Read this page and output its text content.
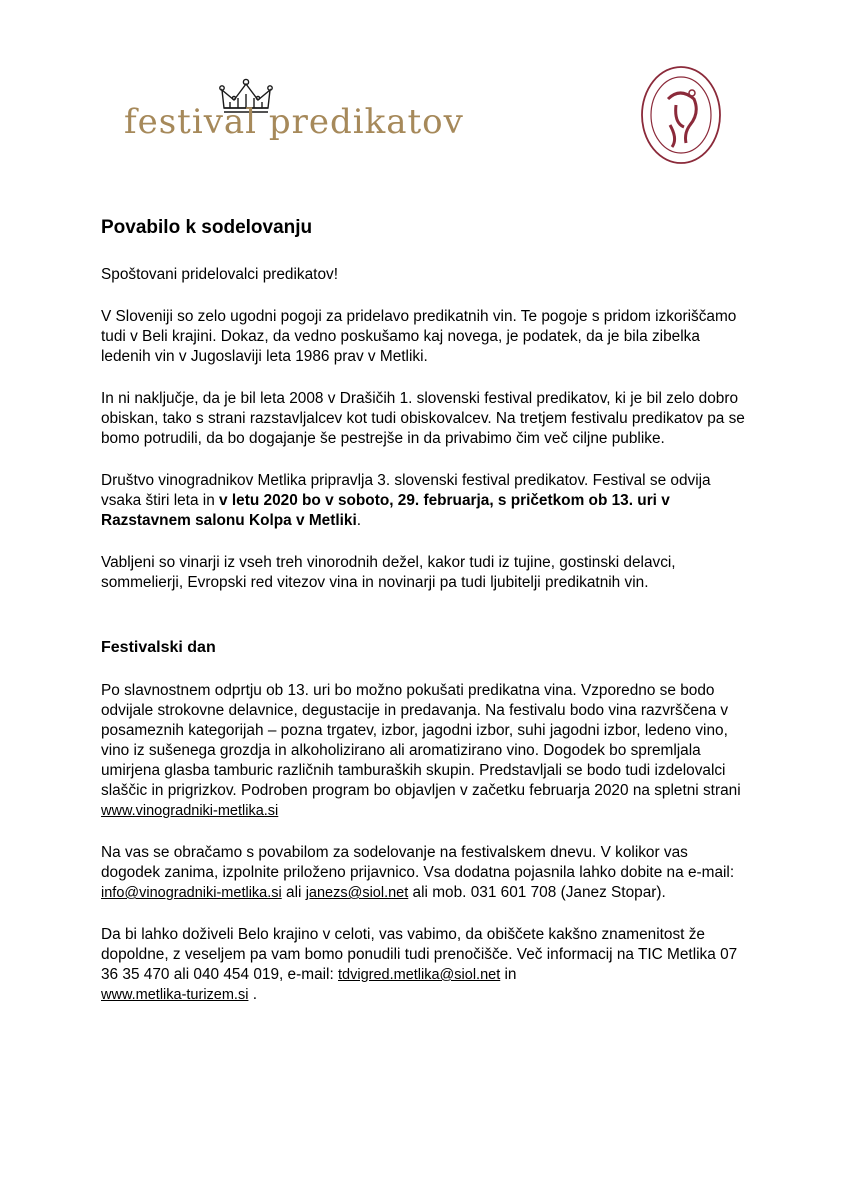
festival predikatov
Povabilo k sodelovanju

Spoštovani pridelovalci predikatov!

V Sloveniji so zelo ugodni pogoji za pridelavo predikatnih vin. Te pogoje s pridom izkoriščamo tudi v Beli krajini. Dokaz, da vedno poskušamo kaj novega, je podatek, da je bila zibelka ledenih vin v Jugoslaviji leta 1986 prav v Metliki.

In ni naključje, da je bil leta 2008 v Drašičih 1. slovenski festival predikatov, ki je bil zelo dobro obiskan, tako s strani razstavljalcev kot tudi obiskovalcev. Na tretjem festivalu predikatov pa se bomo potrudili, da bo dogajanje še pestrejše in da privabimo čim več ciljne publike.

Društvo vinogradnikov Metlika pripravlja 3. slovenski festival predikatov. Festival se odvija vsaka štiri leta in v letu 2020 bo v soboto, 29. februarja, s pričetkom ob 13. uri v Razstavnem salonu Kolpa v Metliki.

Vabljeni so vinarji iz vseh treh vinorodnih dežel, kakor tudi iz tujine, gostinski delavci, sommelierji, Evropski red vitezov vina in novinarji pa tudi ljubitelji predikatnih vin.

Festivalski dan

Po slavnostnem odprtju ob 13. uri bo možno pokušati predikatna vina. Vzporedno se bodo odvijale strokovne delavnice, degustacije in predavanja. Na festivalu bodo vina razvrščena v posameznih kategorijah – pozna trgatev, izbor, jagodni izbor, suhi jagodni izbor, ledeno vino, vino iz sušenega grozdja in alkoholizirano ali aromatizirano vino. Dogodek bo spremljala umirjena glasba tamburic različnih tamburaških skupin. Predstavljali se bodo tudi izdelovalci slaščic in prigrizkov. Podroben program bo objavljen v začetku februarja 2020 na spletni strani www.vinogradniki-metlika.si

Na vas se obračamo s povabilom za sodelovanje na festivalskem dnevu. V kolikor vas dogodek zanima, izpolnite priloženo prijavnico. Vsa dodatna pojasnila lahko dobite na e-mail: info@vinogradniki-metlika.si ali janezs@siol.net ali mob. 031 601 708 (Janez Stopar).

Da bi lahko doživeli Belo krajino v celoti, vas vabimo, da obiščete kakšno znamenitost že dopoldne, z veseljem pa vam bomo ponudili tudi prenočišče. Več informacij na TIC Metlika 07 36 35 470 ali 040 454 019, e-mail: tdvigred.metlika@siol.net in
www.metlika-turizem.si .
